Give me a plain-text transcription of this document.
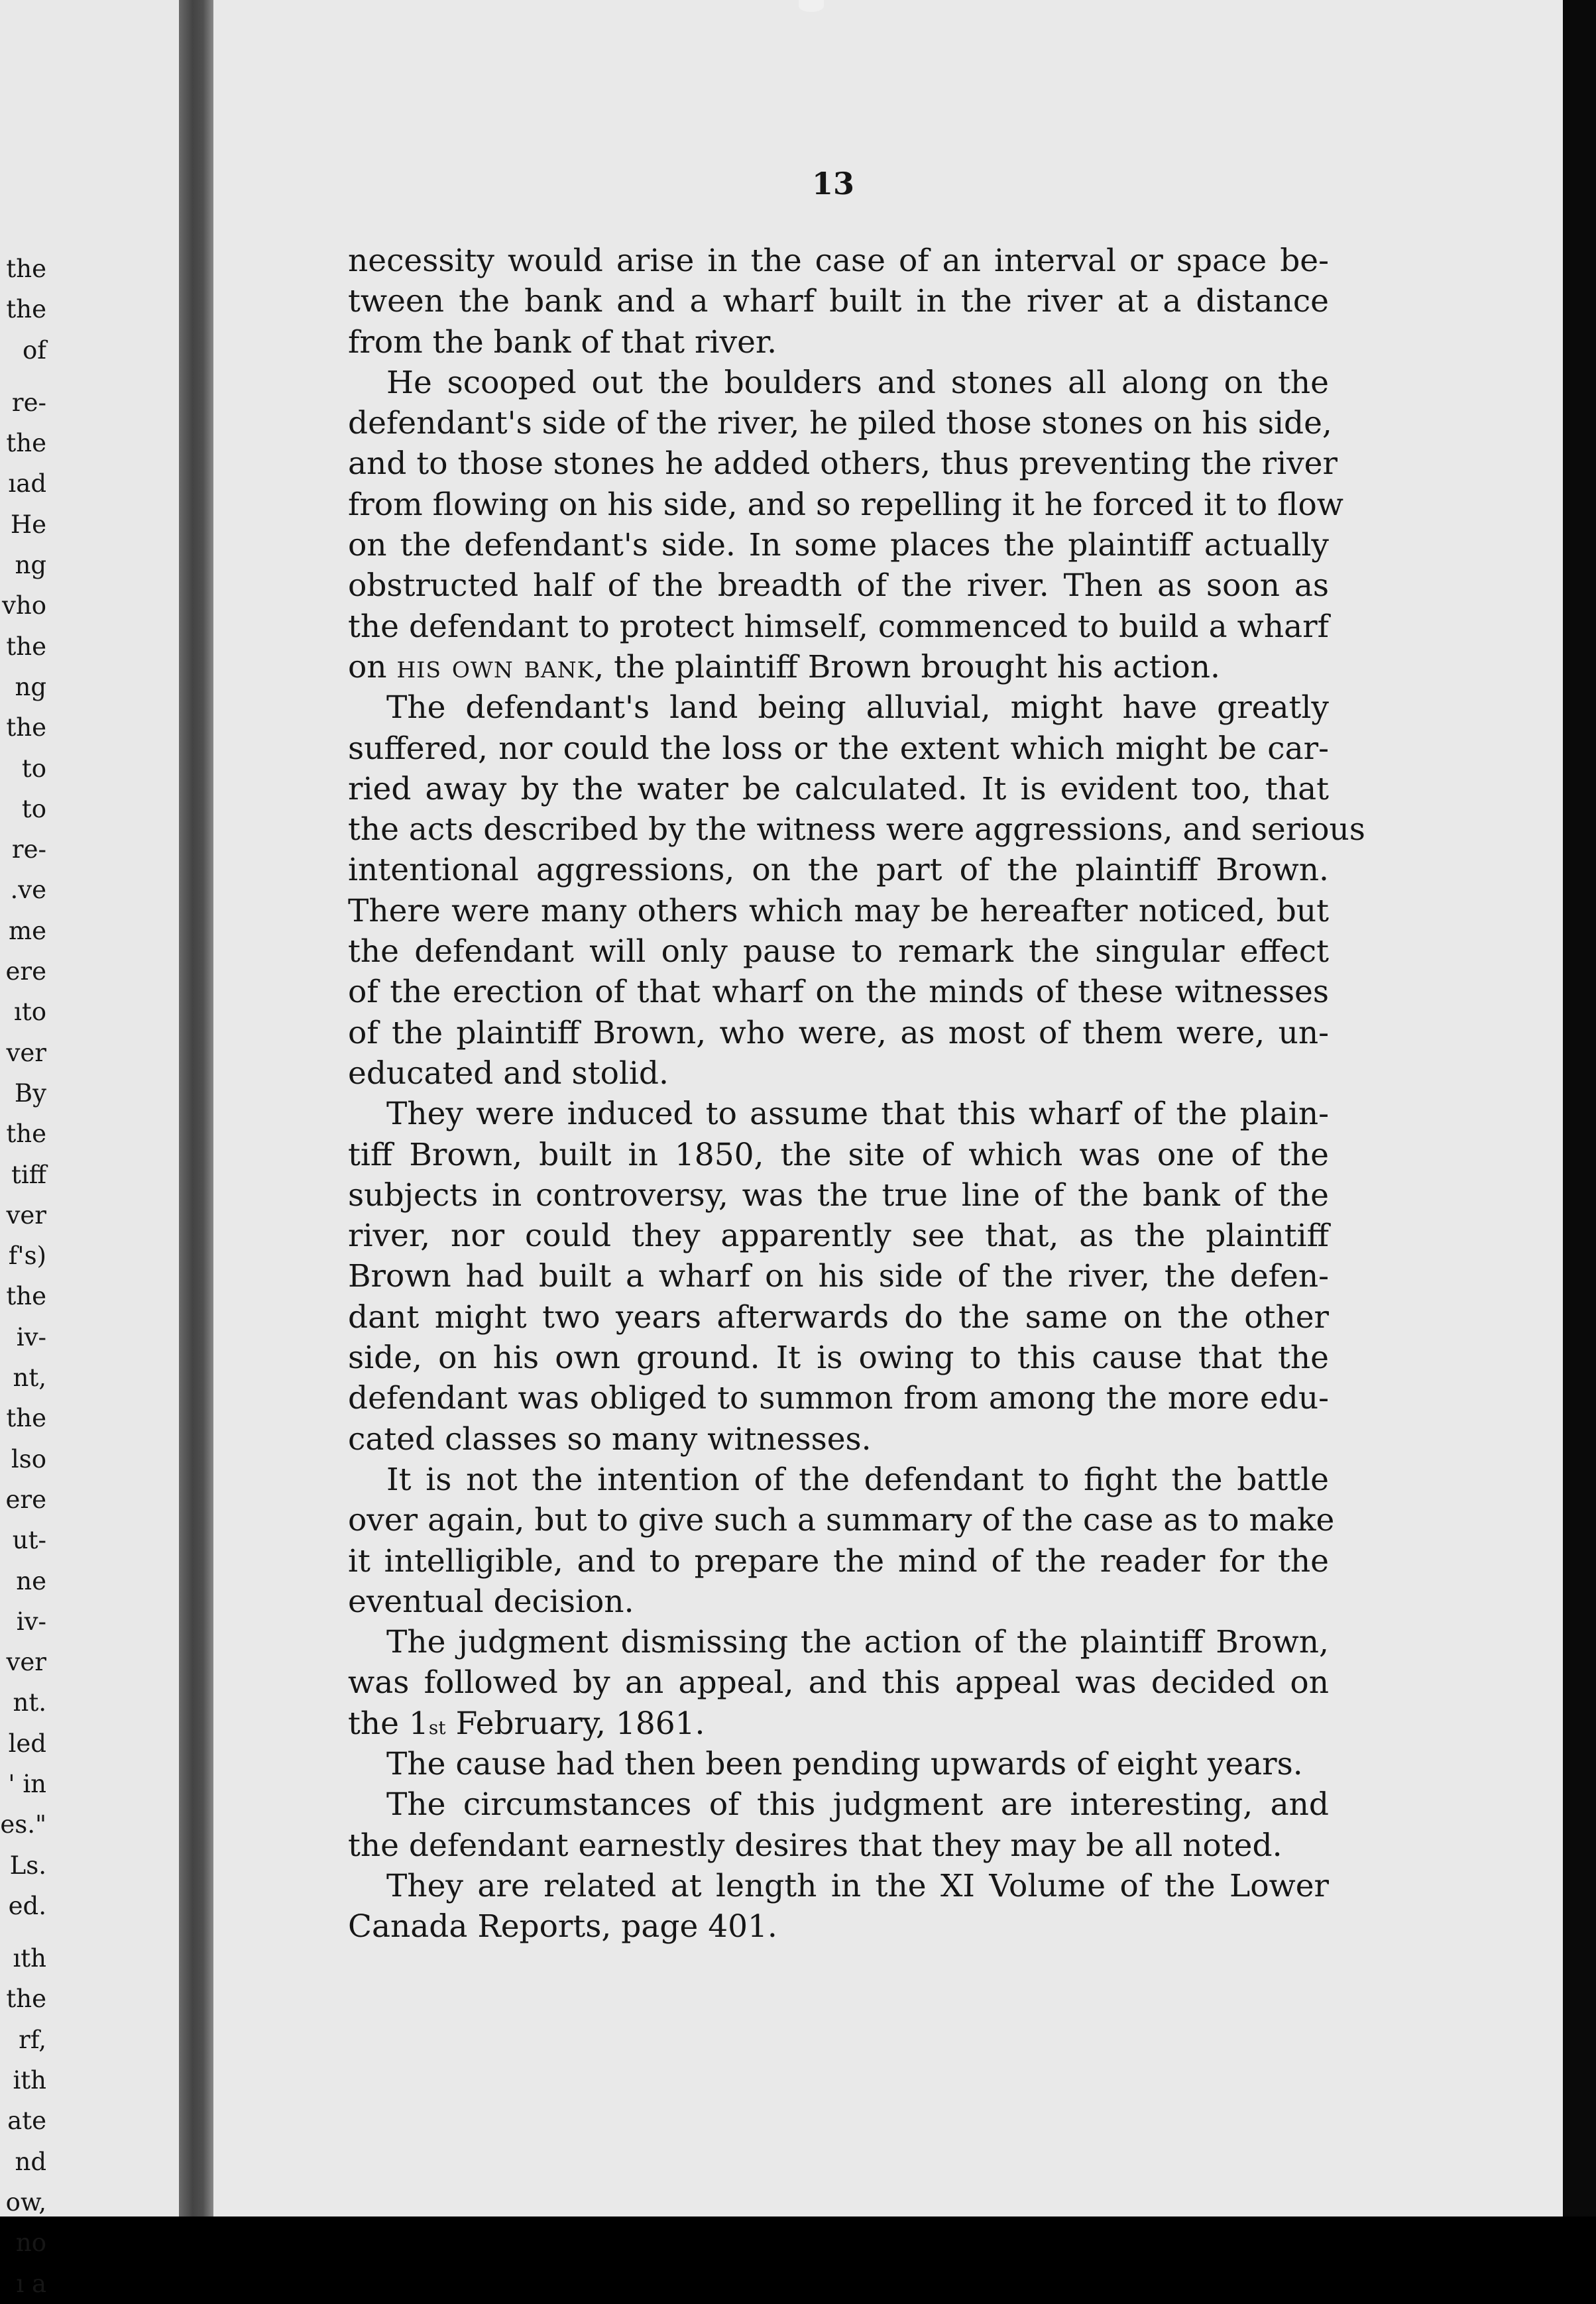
the
the
of
re-
the
ıad
He
ng
vho
the
ng
the
to
to
re-
.ve
me
ere
ıto
ver
By
the
tiff
ver
f's)
the
iv-
nt,
the
lso
ere
ut-
ne
iv-
ver
nt.
led
' in
es."
Ls.
ed.
ıth
the
rf,
ith
ate
nd
ow,
no
ı a
13
necessity would arise in the case of an interval or space be-
tween the bank and a wharf built in the river at a distance
from the bank of that river.
He scooped out the boulders and stones all along on the
defendant's side of the river, he piled those stones on his side,
and to those stones he added others, thus preventing the river
from flowing on his side, and so repelling it he forced it to flow
on the defendant's side. In some places the plaintiff actually
obstructed half of the breadth of the river. Then as soon as
the defendant to protect himself, commenced to build a wharf
on his own bank, the plaintiff Brown brought his action.
The defendant's land being alluvial, might have greatly
suffered, nor could the loss or the extent which might be car-
ried away by the water be calculated. It is evident too, that
the acts described by the witness were aggressions, and serious
intentional aggressions, on the part of the plaintiff Brown.
There were many others which may be hereafter noticed, but
the defendant will only pause to remark the singular effect
of the erection of that wharf on the minds of these witnesses
of the plaintiff Brown, who were, as most of them were, un-
educated and stolid.
They were induced to assume that this wharf of the plain-
tiff Brown, built in 1850, the site of which was one of the
subjects in controversy, was the true line of the bank of the
river, nor could they apparently see that, as the plaintiff
Brown had built a wharf on his side of the river, the defen-
dant might two years afterwards do the same on the other
side, on his own ground. It is owing to this cause that the
defendant was obliged to summon from among the more edu-
cated classes so many witnesses.
It is not the intention of the defendant to fight the battle
over again, but to give such a summary of the case as to make
it intelligible, and to prepare the mind of the reader for the
eventual decision.
The judgment dismissing the action of the plaintiff Brown,
was followed by an appeal, and this appeal was decided on
the 1st February, 1861.
The cause had then been pending upwards of eight years.
The circumstances of this judgment are interesting, and
the defendant earnestly desires that they may be all noted.
They are related at length in the XI Volume of the Lower
Canada Reports, page 401.
